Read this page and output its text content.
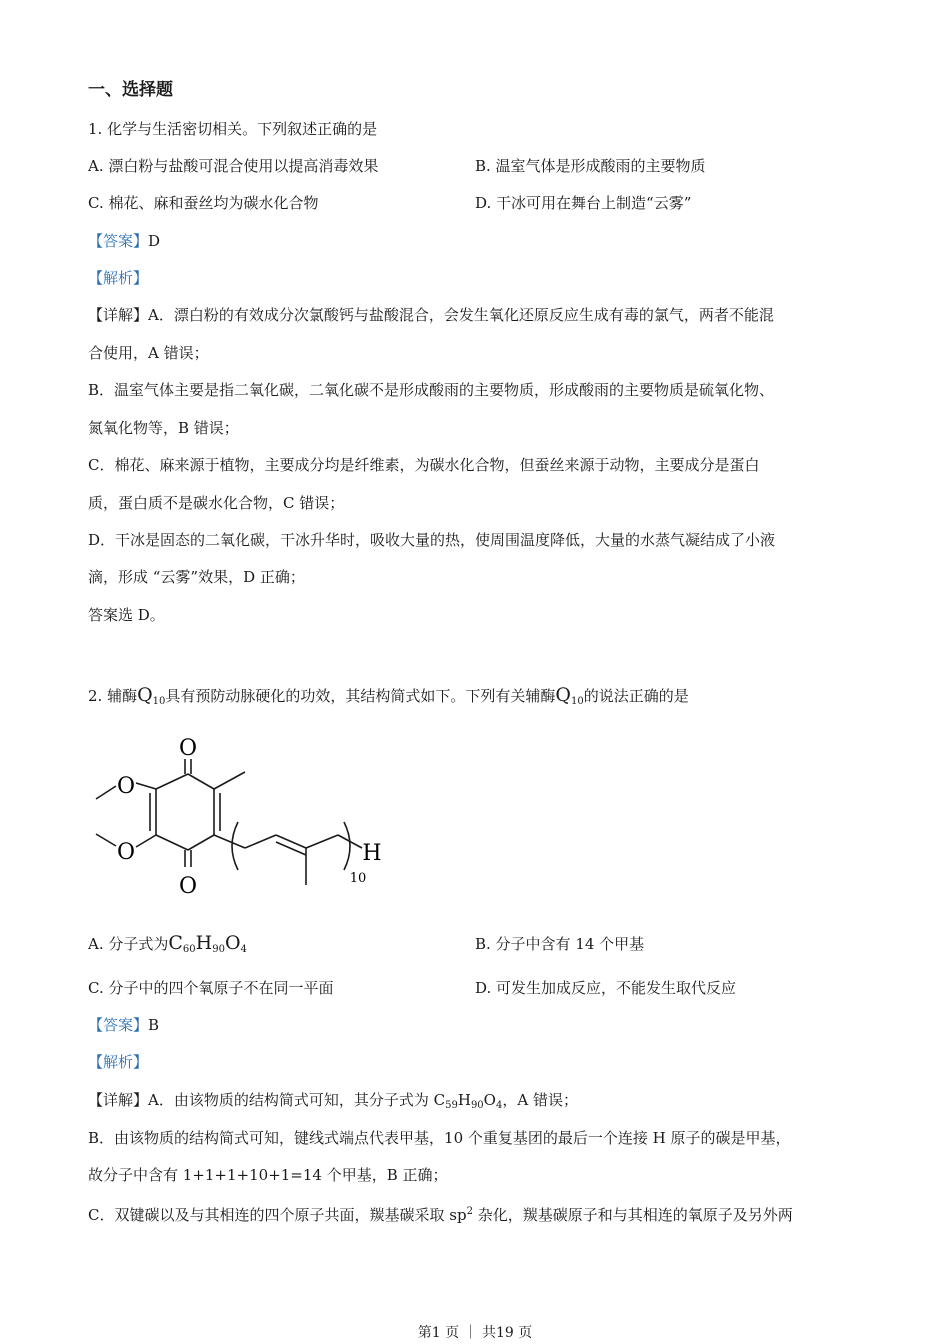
一、选择题
1. 化学与生活密切相关。下列叙述正确的是
A. 漂白粉与盐酸可混合使用以提高消毒效果	B. 温室气体是形成酸雨的主要物质
C. 棉花、麻和蚕丝均为碳水化合物	D. 干冰可用在舞台上制造“云雾”
【答案】D
【解析】
【详解】A．漂白粉的有效成分次氯酸钙与盐酸混合，会发生氧化还原反应生成有毒的氯气，两者不能混
合使用，A 错误；
B．温室气体主要是指二氧化碳，二氧化碳不是形成酸雨的主要物质，形成酸雨的主要物质是硫氧化物、
氮氧化物等，B 错误；
C．棉花、麻来源于植物，主要成分均是纤维素，为碳水化合物，但蚕丝来源于动物，主要成分是蛋白
质，蛋白质不是碳水化合物，C 错误；
D．干冰是固态的二氧化碳，干冰升华时，吸收大量的热，使周围温度降低，大量的水蒸气凝结成了小液
滴，形成 “云雾”效果，D 正确；
答案选 D。
2. 辅酶$Q_{10}$具有预防动脉硬化的功效，其结构简式如下。下列有关辅酶$Q_{10}$的说法正确的是
O
O
O
O	H
10
A. 分子式为$C_{60}H_{90}O_4$	B. 分子中含有 14 个甲基
C. 分子中的四个氧原子不在同一平面	D. 可发生加成反应，不能发生取代反应
【答案】B
【解析】
【详解】A．由该物质的结构简式可知，其分子式为 $C_{59}H_{90}O_4$，A 错误；
B．由该物质的结构简式可知，键线式端点代表甲基，10 个重复基团的最后一个连接 H 原子的碳是甲基，
故分子中含有 1+1+1+10+1=14 个甲基，B 正确；
C．双键碳以及与其相连的四个原子共面，羰基碳采取 $sp^2$ 杂化，羰基碳原子和与其相连的氧原子及另外两
第1 页 ｜ 共19 页
